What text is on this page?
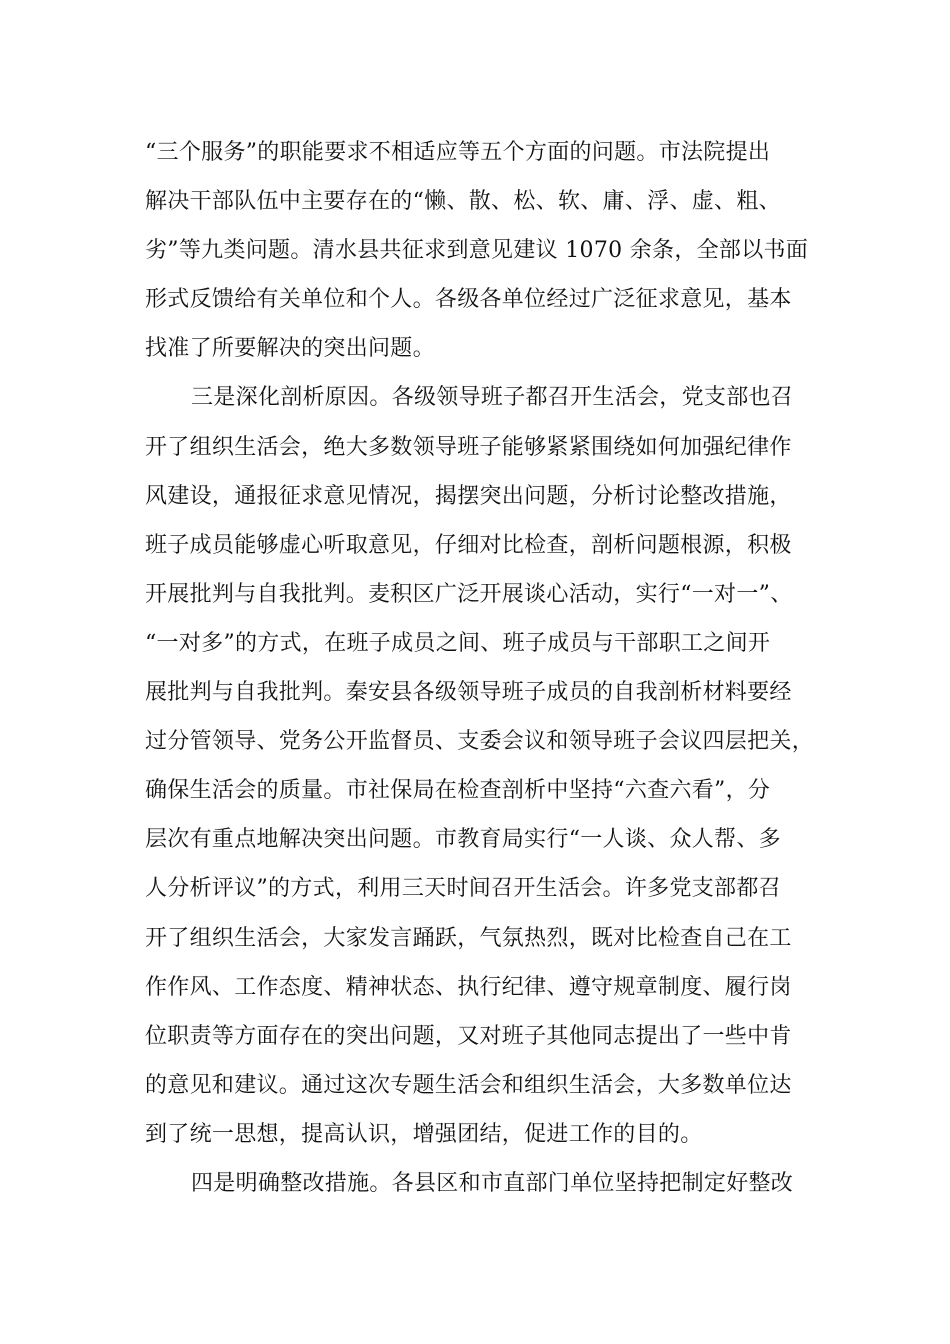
“三个服务”的职能要求不相适应等五个方面的问题。市法院提出
解决干部队伍中主要存在的“懒、散、松、软、庸、浮、虚、粗、
劣”等九类问题。清水县共征求到意见建议 1070 余条，全部以书面
形式反馈给有关单位和个人。各级各单位经过广泛征求意见，基本
找准了所要解决的突出问题。
三是深化剖析原因。各级领导班子都召开生活会，党支部也召
开了组织生活会，绝大多数领导班子能够紧紧围绕如何加强纪律作
风建设，通报征求意见情况，揭摆突出问题，分析讨论整改措施，
班子成员能够虚心听取意见，仔细对比检查，剖析问题根源，积极
开展批判与自我批判。麦积区广泛开展谈心活动，实行“一对一”、
“一对多”的方式，在班子成员之间、班子成员与干部职工之间开
展批判与自我批判。秦安县各级领导班子成员的自我剖析材料要经
过分管领导、党务公开监督员、支委会议和领导班子会议四层把关，
确保生活会的质量。市社保局在检查剖析中坚持“六查六看”，分
层次有重点地解决突出问题。市教育局实行“一人谈、众人帮、多
人分析评议”的方式，利用三天时间召开生活会。许多党支部都召
开了组织生活会，大家发言踊跃，气氛热烈，既对比检查自己在工
作作风、工作态度、精神状态、执行纪律、遵守规章制度、履行岗
位职责等方面存在的突出问题，又对班子其他同志提出了一些中肯
的意见和建议。通过这次专题生活会和组织生活会，大多数单位达
到了统一思想，提高认识，增强团结，促进工作的目的。
四是明确整改措施。各县区和市直部门单位坚持把制定好整改
